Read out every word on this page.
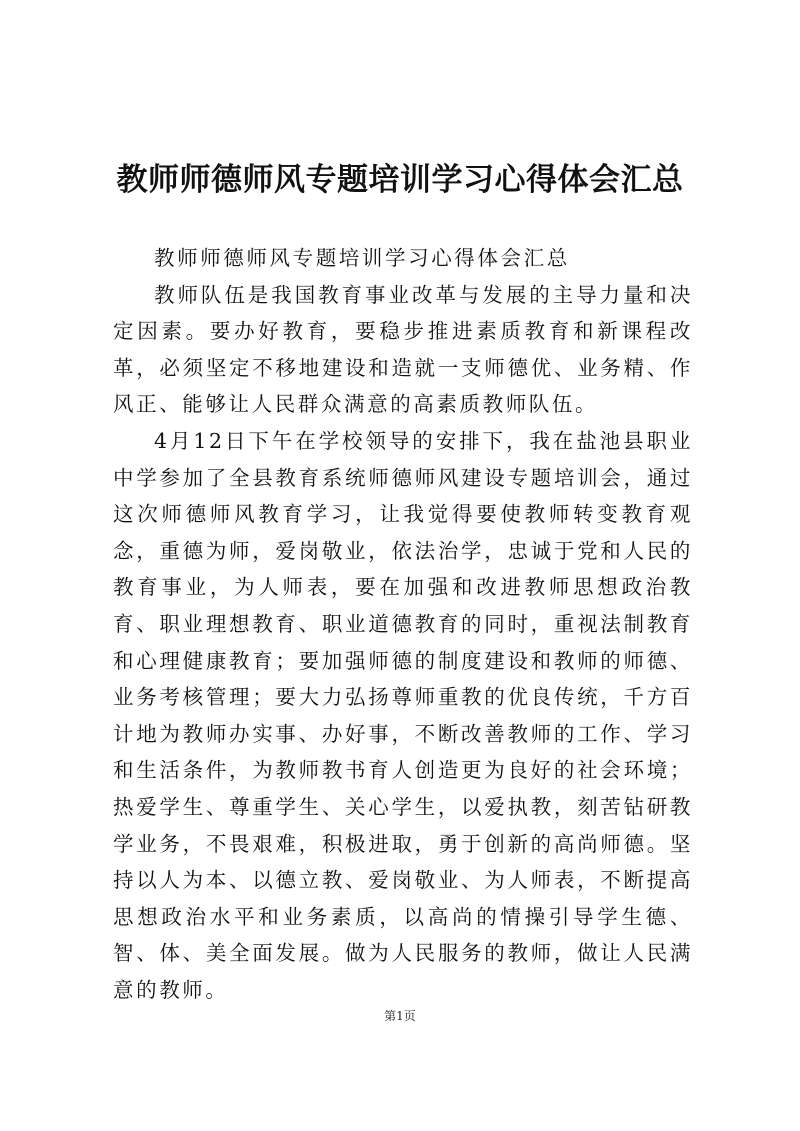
教师师德师风专题培训学习心得体会汇总

教师师德师风专题培训学习心得体会汇总

教师队伍是我国教育事业改革与发展的主导力量和决定因素。要办好教育，要稳步推进素质教育和新课程改革，必须坚定不移地建设和造就一支师德优、业务精、作风正、能够让人民群众满意的高素质教师队伍。

4月12日下午在学校领导的安排下，我在盐池县职业中学参加了全县教育系统师德师风建设专题培训会，通过这次师德师风教育学习，让我觉得要使教师转变教育观念，重德为师，爱岗敬业，依法治学，忠诚于党和人民的教育事业，为人师表，要在加强和改进教师思想政治教育、职业理想教育、职业道德教育的同时，重视法制教育和心理健康教育；要加强师德的制度建设和教师的师德、业务考核管理；要大力弘扬尊师重教的优良传统，千方百计地为教师办实事、办好事，不断改善教师的工作、学习和生活条件，为教师教书育人创造更为良好的社会环境；热爱学生、尊重学生、关心学生，以爱执教，刻苦钻研教学业务，不畏艰难，积极进取，勇于创新的高尚师德。坚持以人为本、以德立教、爱岗敬业、为人师表，不断提高思想政治水平和业务素质，以高尚的情操引导学生德、智、体、美全面发展。做为人民服务的教师，做让人民满意的教师。

第1页
